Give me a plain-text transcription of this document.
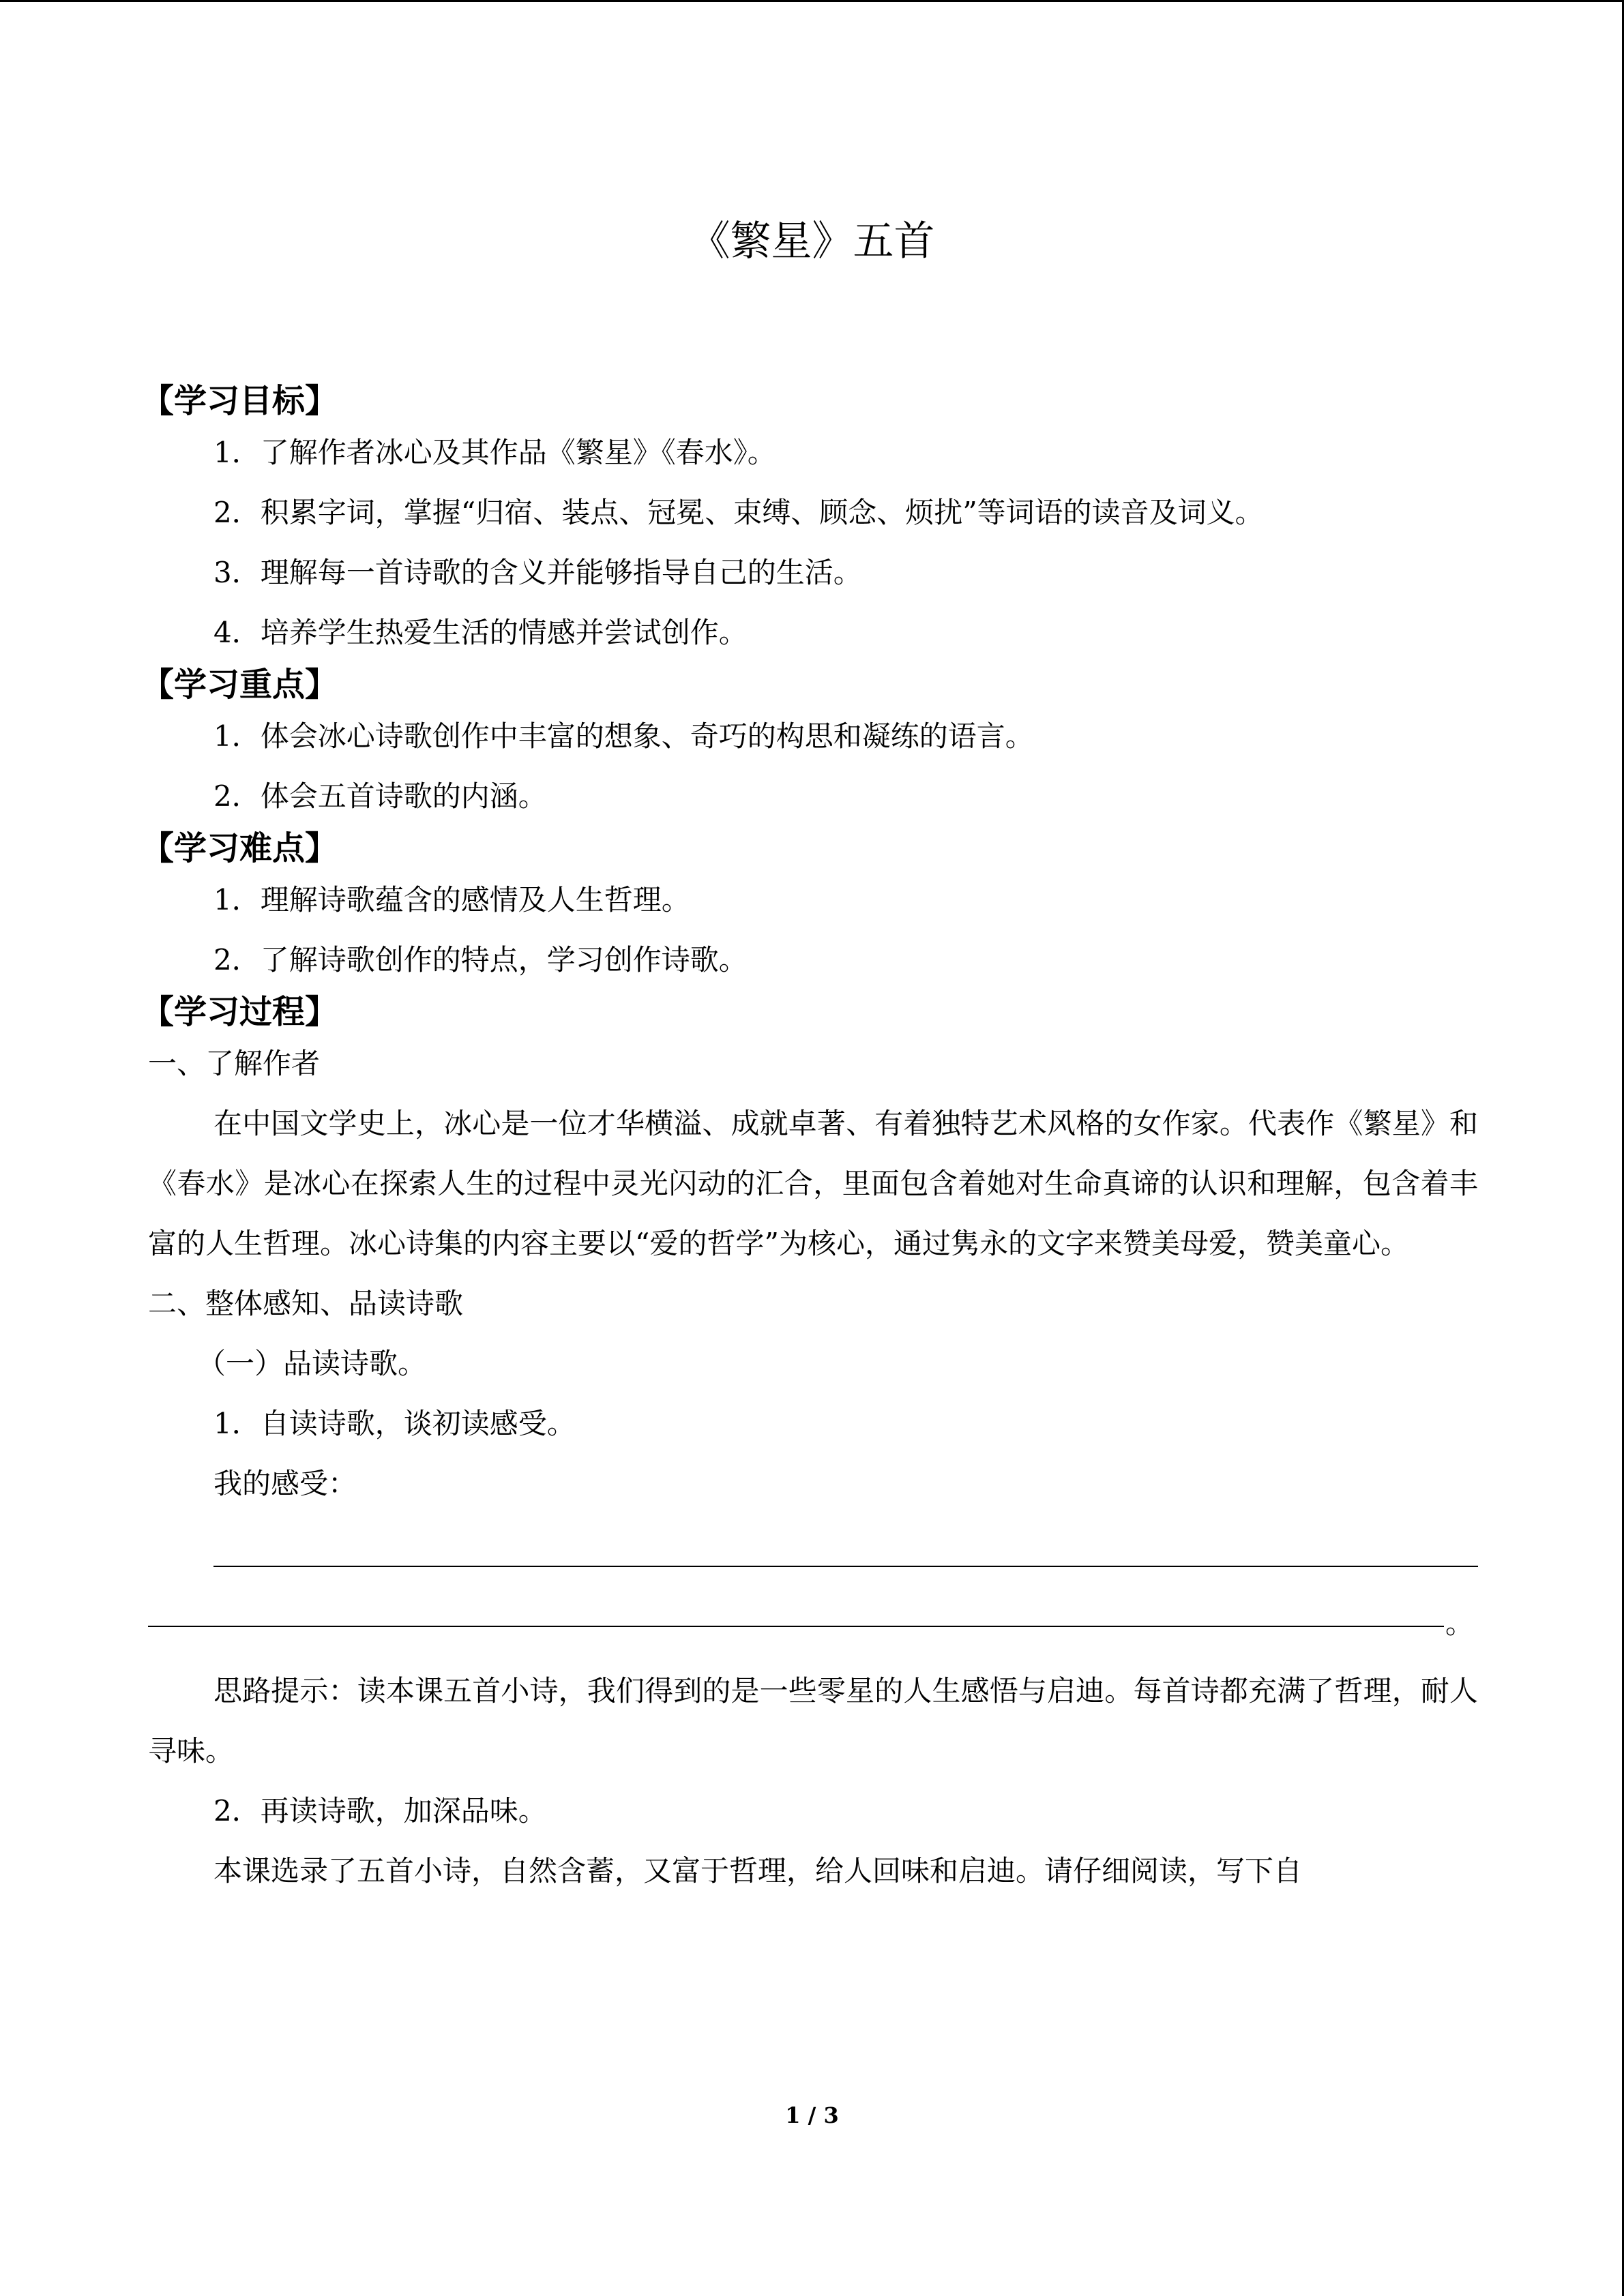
《繁星》五首
【学习目标】
1．了解作者冰心及其作品《繁星》《春水》。
2．积累字词，掌握“归宿、装点、冠冕、束缚、顾念、烦扰”等词语的读音及词义。
3．理解每一首诗歌的含义并能够指导自己的生活。
4．培养学生热爱生活的情感并尝试创作。
【学习重点】
1．体会冰心诗歌创作中丰富的想象、奇巧的构思和凝练的语言。
2．体会五首诗歌的内涵。
【学习难点】
1．理解诗歌蕴含的感情及人生哲理。
2．了解诗歌创作的特点，学习创作诗歌。
【学习过程】
一、了解作者

在中国文学史上，冰心是一位才华横溢、成就卓著、有着独特艺术风格的女作家。代表作《繁星》和《春水》是冰心在探索人生的过程中灵光闪动的汇合，里面包含着她对生命真谛的认识和理解，包含着丰富的人生哲理。冰心诗集的内容主要以“爱的哲学”为核心，通过隽永的文字来赞美母爱，赞美童心。

二、整体感知、品读诗歌
（一）品读诗歌。
1．自读诗歌，谈初读感受。
我的感受：
。

思路提示：读本课五首小诗，我们得到的是一些零星的人生感悟与启迪。每首诗都充满了哲理，耐人寻味。

2．再读诗歌，加深品味。

本课选录了五首小诗，自然含蓄，又富于哲理，给人回味和启迪。请仔细阅读，写下自

1 / 3
